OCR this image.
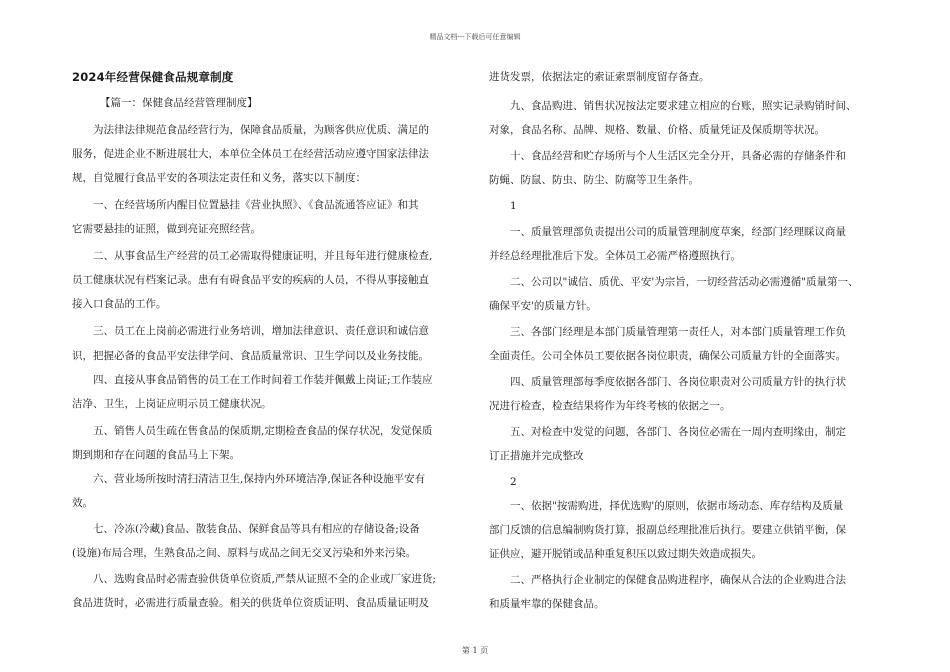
精品文档---下载后可任意编辑
2024年经营保健食品规章制度
【篇一：保健食品经营管理制度】
为法律法律规范食品经营行为，保障食品质量，为顾客供应优质、满足的
服务，促进企业不断进展壮大，本单位全体员工在经营活动应遵守国家法律法
规，自觉履行食品平安的各项法定责任和义务，落实以下制度：
一、在经营场所内醒目位置悬挂《营业执照》、《食品流通答应证》和其
它需要悬挂的证照，做到亮证亮照经营。
二、从事食品生产经营的员工必需取得健康证明，并且每年进行健康检查,
员工健康状况有档案记录。患有有碍食品平安的疾病的人员，不得从事接触直
接入口食品的工作。
三、员工在上岗前必需进行业务培训，增加法律意识、责任意识和诚信意
识，把握必备的食品平安法律学问、食品质量常识、卫生学问以及业务技能。
四、直接从事食品销售的员工在工作时间着工作装并佩戴上岗证;工作装应
洁净、卫生，上岗证应明示员工健康状况。
五、销售人员生疏在售食品的保质期,定期检查食品的保存状况，发觉保质
期到期和存在问题的食品马上下架。
六、营业场所按时清扫清洁卫生,保持内外环境洁净,保证各种设施平安有
效。
七、冷冻(冷藏)食品、散装食品、保鲜食品等具有相应的存储设备;设备
(设施)布局合理，生熟食品之间、原料与成品之间无交叉污染和外来污染。
八、选购食品时必需查验供货单位资质,严禁从证照不全的企业或厂家进货;
食品进货时，必需进行质量查验。相关的供货单位资质证明、食品质量证明及
进货发票，依据法定的索证索票制度留存备查。
九、食品购进、销售状况按法定要求建立相应的台账，照实记录购销时间、
对象，食品名称、品牌、规格、数量、价格、质量凭证及保质期等状况。
十、食品经营和贮存场所与个人生活区完全分开，具备必需的存储条件和
防蝇、防鼠、防虫、防尘、防腐等卫生条件。
1
一、质量管理部负责提出公司的质量管理制度草案，经部门经理睬议商量
并经总经理批准后下发。全体员工必需严格遵照执行。
二、公司以"诚信、质优、平安'为宗旨，一切经营活动必需遵循"质量第一、
确保平安'的质量方针。
三、各部门经理是本部门质量管理第一责任人，对本部门质量管理工作负
全面责任。公司全体员工要依据各岗位职责，确保公司质量方针的全面落实。
四、质量管理部每季度依据各部门、各岗位职责对公司质量方针的执行状
况进行检查，检查结果将作为年终考核的依据之一。
五、对检查中发觉的问题，各部门、各岗位必需在一周内查明缘由，制定
订正措施并完成整改
2
一、依据"按需购进，择优选购'的原则，依据市场动态、库存结构及质量
部门反馈的信息编制购货打算，报副总经理批准后执行。要建立供销平衡，保
证供应，避开脱销或品种重复积压以致过期失效造成损失。
二、严格执行企业制定的保健食品购进程序，确保从合法的企业购进合法
和质量牢靠的保健食品。
第 1 页
